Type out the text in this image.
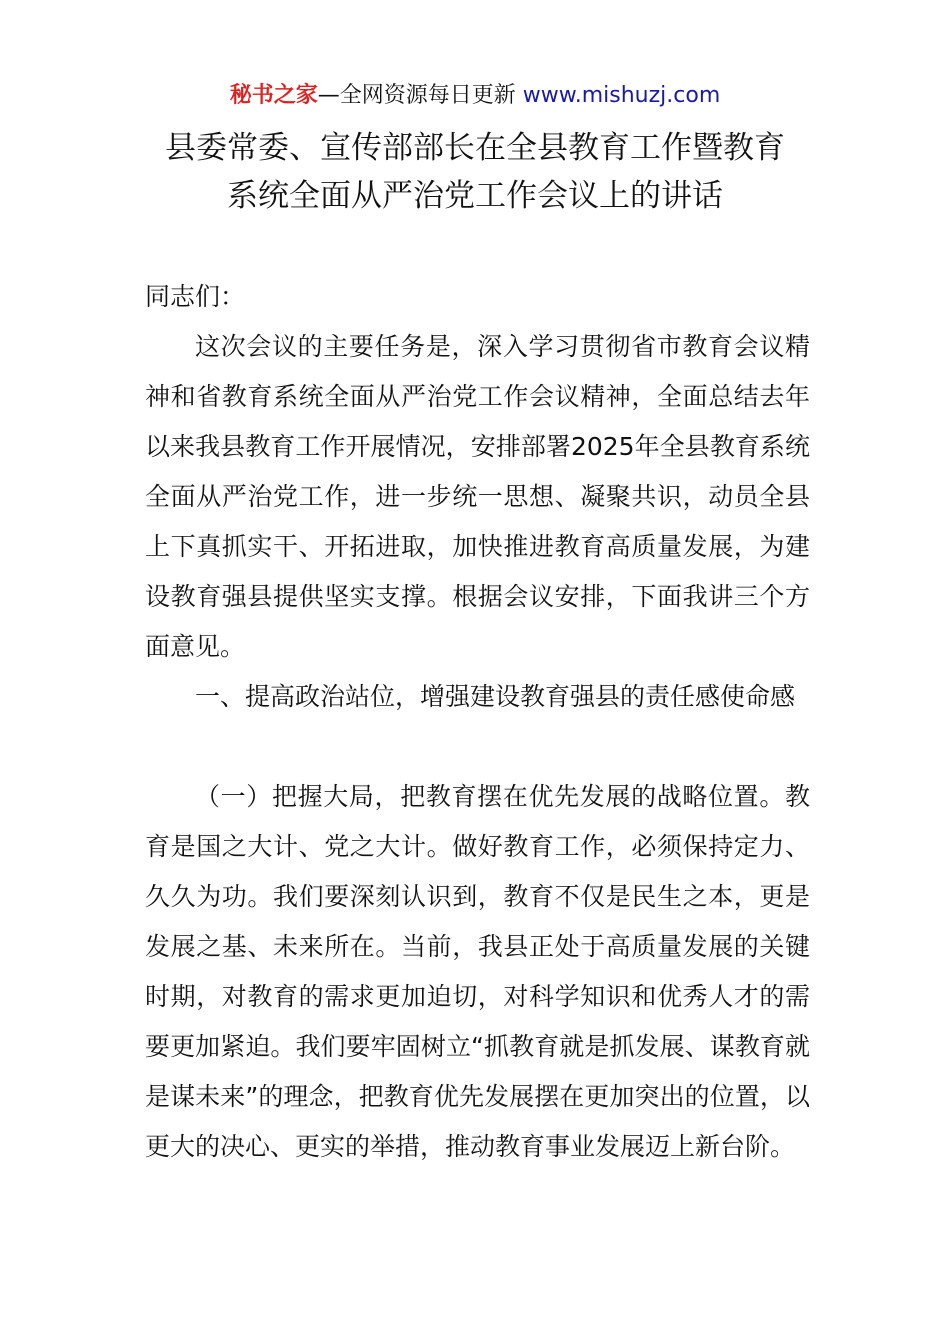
秘书之家—全网资源每日更新 www.mishuzj.com
县委常委、宣传部部长在全县教育工作暨教育
系统全面从严治党工作会议上的讲话
同志们：

这次会议的主要任务是，深入学习贯彻省市教育会议精神和省教育系统全面从严治党工作会议精神，全面总结去年以来我县教育工作开展情况，安排部署2025年全县教育系统全面从严治党工作，进一步统一思想、凝聚共识，动员全县上下真抓实干、开拓进取，加快推进教育高质量发展，为建设教育强县提供坚实支撑。根据会议安排，下面我讲三个方面意见。

一、提高政治站位，增强建设教育强县的责任感使命感

（一）把握大局，把教育摆在优先发展的战略位置。教育是国之大计、党之大计。做好教育工作，必须保持定力、久久为功。我们要深刻认识到，教育不仅是民生之本，更是发展之基、未来所在。当前，我县正处于高质量发展的关键时期，对教育的需求更加迫切，对科学知识和优秀人才的需要更加紧迫。我们要牢固树立“抓教育就是抓发展、谋教育就是谋未来”的理念，把教育优先发展摆在更加突出的位置，以更大的决心、更实的举措，推动教育事业发展迈上新台阶。
